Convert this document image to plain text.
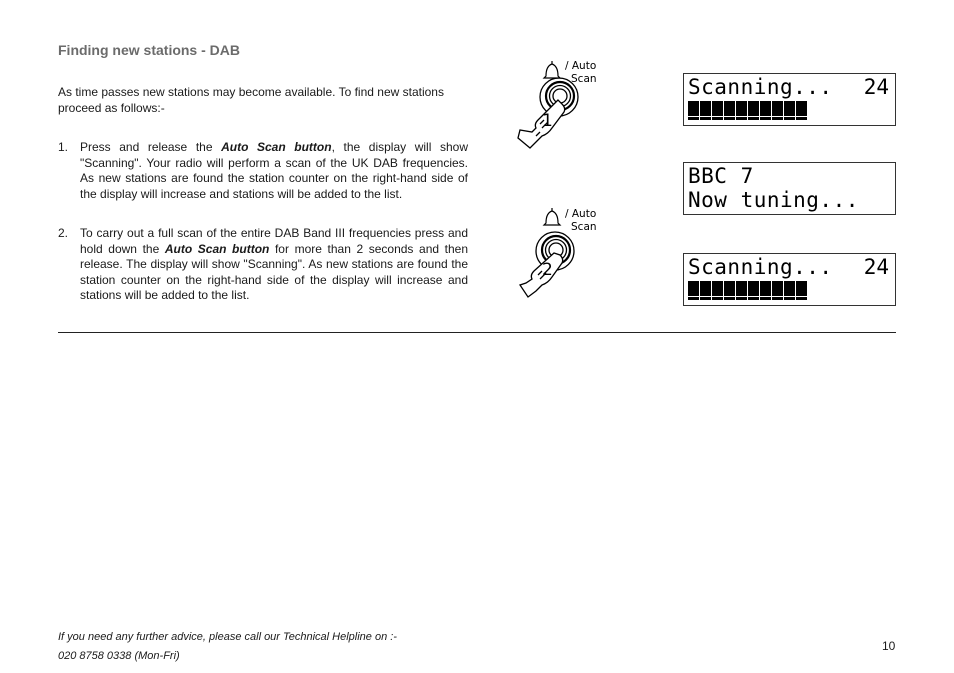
Finding new stations - DAB
As time passes new stations may become available. To find new stations proceed as follows:-
1. Press and release the Auto Scan button, the display will show "Scanning". Your radio will perform a scan of the UK DAB frequencies. As new stations are found the station counter on the right-hand side of the display will increase and stations will be added to the list.
2. To carry out a full scan of the entire DAB Band III frequencies press and hold down the Auto Scan button for more than 2 seconds and then release. The display will show "Scanning". As new stations are found the station counter on the right-hand side of the display will increase and stations will be added to the list.
/ Auto
Scan
1
/ Auto
Scan
2
Scanning... 24
BBC 7
Now tuning...
Scanning... 24
If you need any further advice, please call our Technical Helpline on :-
020 8758 0338 (Mon-Fri)
10
